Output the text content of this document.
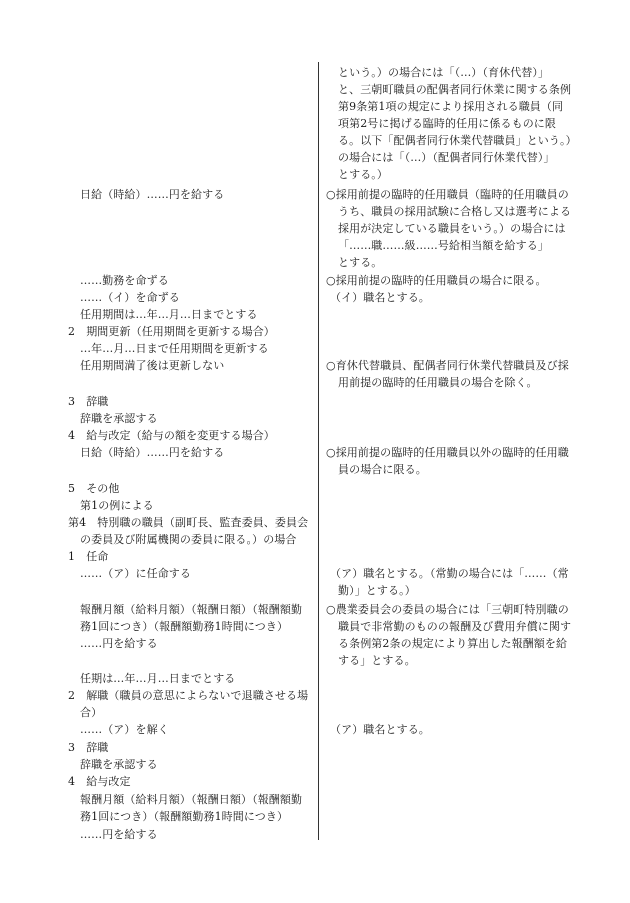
日給（時給）……円を給する
……勤務を命ずる
……（イ）を命ずる
任用期間は…年…月…日までとする
2　期間更新（任用期間を更新する場合）
…年…月…日まで任用期間を更新する
任用期間満了後は更新しない
3　辞職
辞職を承認する
4　給与改定（給与の額を変更する場合）
日給（時給）……円を給する
5　その他
第1の例による
第4　特別職の職員（副町長、監査委員、委員会
の委員及び附属機関の委員に限る。）の場合
1　任命
……（ア）に任命する
報酬月額（給料月額）（報酬日額）（報酬額勤
務1回につき）（報酬額勤務1時間につき）
……円を給する
任期は…年…月…日までとする
2　解職（職員の意思によらないで退職させる場
合）
……（ア）を解く
3　辞職
辞職を承認する
4　給与改定
報酬月額（給料月額）（報酬日額）（報酬額勤
務1回につき）（報酬額勤務1時間につき）
……円を給する
という。）の場合には「（…）（育休代替）」
と、三朝町職員の配偶者同行休業に関する条例
第9条第1項の規定により採用される職員（同
項第2号に掲げる臨時的任用に係るものに限
る。以下「配偶者同行休業代替職員」という。）
の場合には「（…）（配偶者同行休業代替）」
とする。）
○採用前提の臨時的任用職員（臨時的任用職員の
うち、職員の採用試験に合格し又は選考による
採用が決定している職員をいう。）の場合には
「……職……級……号給相当額を給する」
とする。
○採用前提の臨時的任用職員の場合に限る。
（イ）職名とする。
○育休代替職員、配偶者同行休業代替職員及び採
用前提の臨時的任用職員の場合を除く。
○採用前提の臨時的任用職員以外の臨時的任用職
員の場合に限る。
（ア）職名とする。（常勤の場合には「……（常
勤）」とする。）
○農業委員会の委員の場合には「三朝町特別職の
職員で非常勤のものの報酬及び費用弁償に関す
る条例第2条の規定により算出した報酬額を給
する」とする。
（ア）職名とする。
